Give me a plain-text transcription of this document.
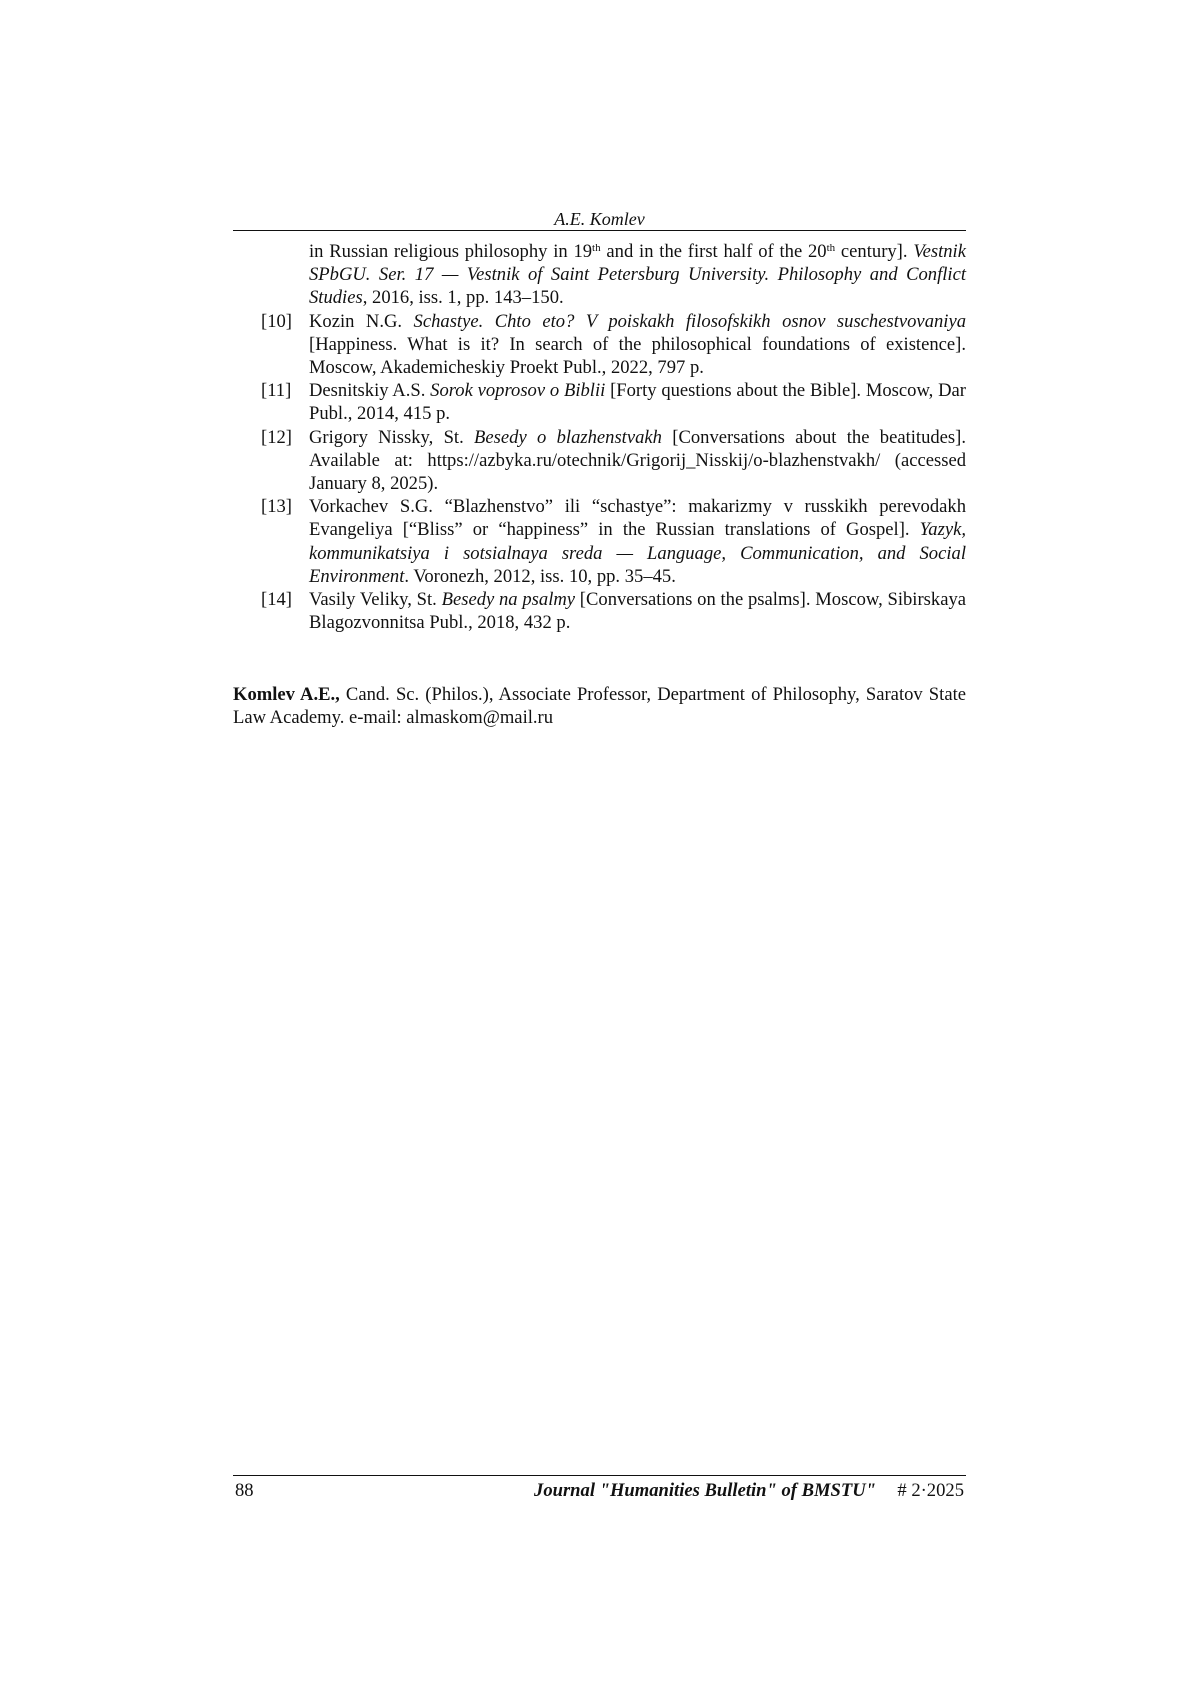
A.E. Komlev
in Russian religious philosophy in 19th and in the first half of the 20th century]. Vestnik SPbGU. Ser. 17 — Vestnik of Saint Petersburg University. Philosophy and Conflict Studies, 2016, iss. 1, pp. 143–150.
[10] Kozin N.G. Schastye. Chto eto? V poiskakh filosofskikh osnov suschestvovaniya [Happiness. What is it? In search of the philosophical foundations of existence]. Moscow, Akademicheskiy Proekt Publ., 2022, 797 p.
[11] Desnitskiy A.S. Sorok voprosov o Biblii [Forty questions about the Bible]. Moscow, Dar Publ., 2014, 415 p.
[12] Grigory Nissky, St. Besedy o blazhenstvakh [Conversations about the beatitudes]. Available at: https://azbyka.ru/otechnik/Grigorij_Nisskij/o-blazhenstvakh/ (accessed January 8, 2025).
[13] Vorkachev S.G. “Blazhenstvo” ili “schastye”: makarizmy v russkikh perevodakh Evangeliya [“Bliss” or “happiness” in the Russian translations of Gospel]. Yazyk, kommunikatsiya i sotsialnaya sreda — Language, Communication, and Social Environment. Voronezh, 2012, iss. 10, pp. 35–45.
[14] Vasily Veliky, St. Besedy na psalmy [Conversations on the psalms]. Moscow, Sibirskaya Blagozvonnitsa Publ., 2018, 432 p.
Komlev A.E., Cand. Sc. (Philos.), Associate Professor, Department of Philosophy, Saratov State Law Academy. e-mail: almaskom@mail.ru
88	Journal "Humanities Bulletin" of BMSTU" # 2·2025
